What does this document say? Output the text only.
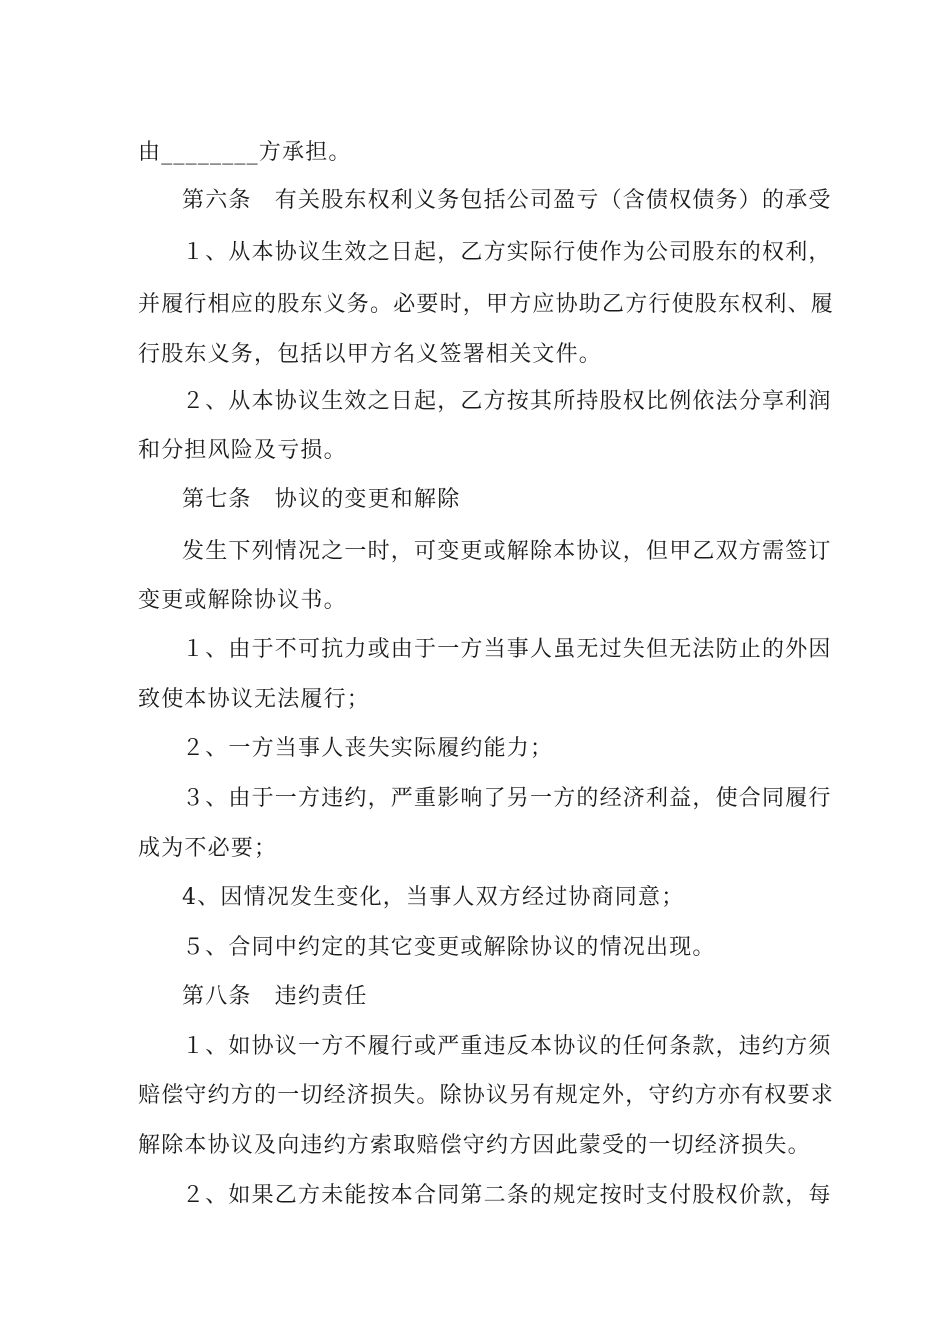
由________方承担。
第六条　有关股东权利义务包括公司盈亏（含债权债务）的承受
１、从本协议生效之日起，乙方实际行使作为公司股东的权利，
并履行相应的股东义务。必要时，甲方应协助乙方行使股东权利、履
行股东义务，包括以甲方名义签署相关文件。
２、从本协议生效之日起，乙方按其所持股权比例依法分享利润
和分担风险及亏损。
第七条　协议的变更和解除
发生下列情况之一时，可变更或解除本协议，但甲乙双方需签订
变更或解除协议书。
１、由于不可抗力或由于一方当事人虽无过失但无法防止的外因
致使本协议无法履行；
２、一方当事人丧失实际履约能力；
３、由于一方违约，严重影响了另一方的经济利益，使合同履行
成为不必要；
4、因情况发生变化，当事人双方经过协商同意；
５、合同中约定的其它变更或解除协议的情况出现。
第八条　违约责任
１、如协议一方不履行或严重违反本协议的任何条款，违约方须
赔偿守约方的一切经济损失。除协议另有规定外，守约方亦有权要求
解除本协议及向违约方索取赔偿守约方因此蒙受的一切经济损失。
２、如果乙方未能按本合同第二条的规定按时支付股权价款，每
